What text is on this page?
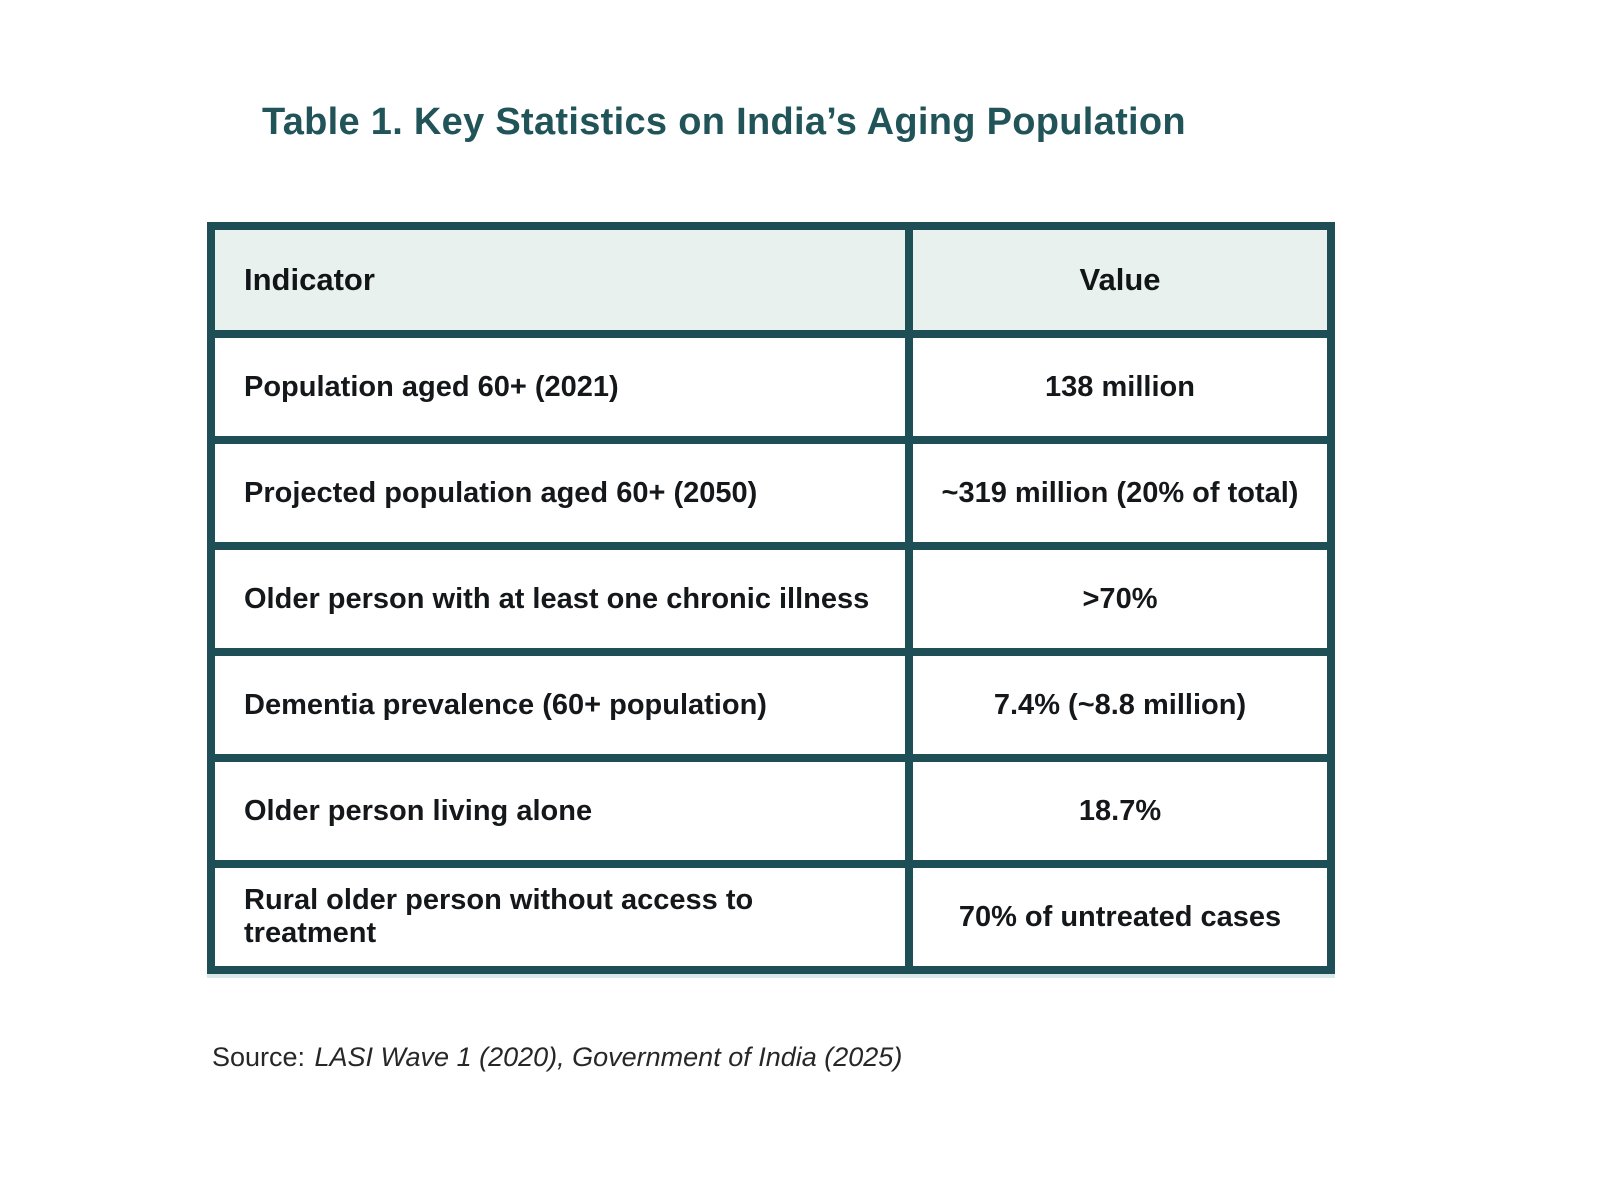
Table 1. Key Statistics on India’s Aging Population
Indicator	Value
Population aged 60+ (2021)	138 million
Projected population aged 60+ (2050)	~319 million (20% of total)
Older person with at least one chronic illness	>70%
Dementia prevalence (60+ population)	7.4% (~8.8 million)
Older person living alone	18.7%
Rural older person without access to treatment	70% of untreated cases

Source: LASI Wave 1 (2020), Government of India (2025)
